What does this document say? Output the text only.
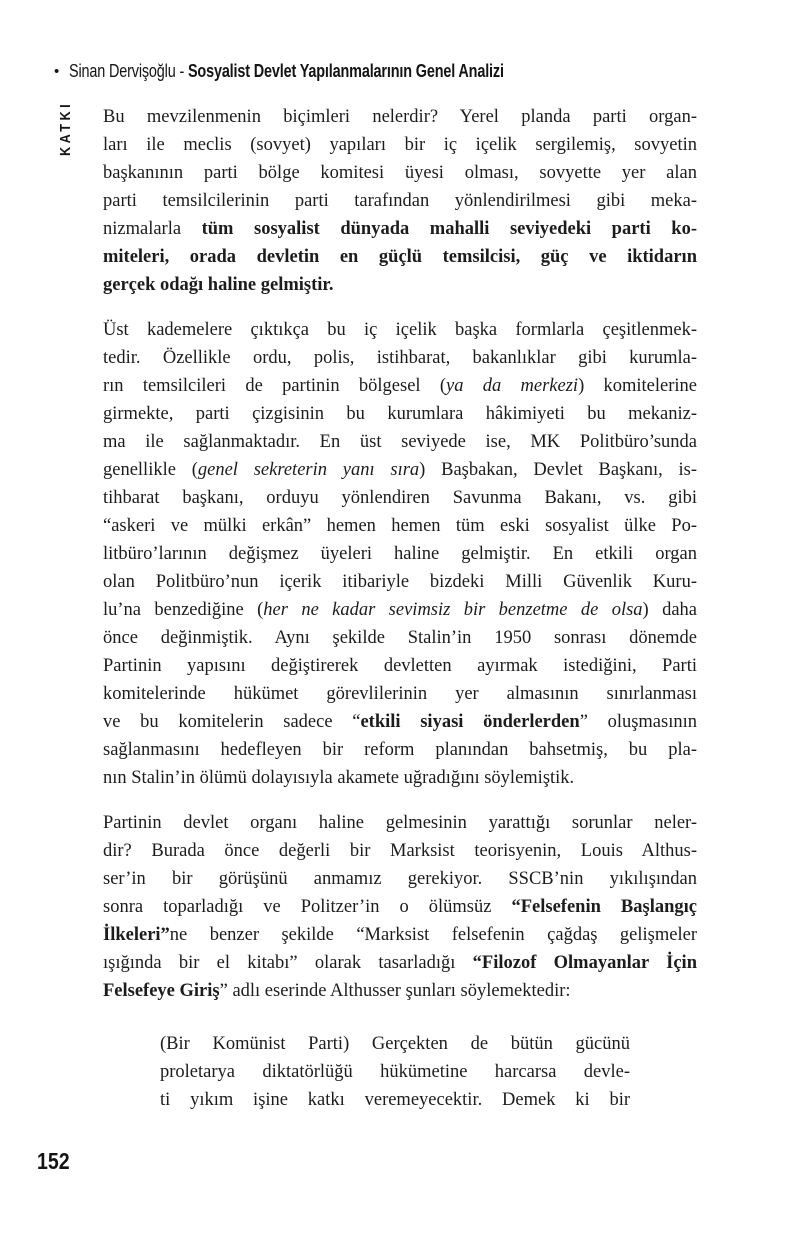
• Sinan Dervişoğlu - Sosyalist Devlet Yapılanmalarının Genel Analizi
KATKI Bu mevzilenmenin biçimleri nelerdir? Yerel planda parti organ-
ları ile meclis (sovyet) yapıları bir iç içelik sergilemiş, sovyetin
başkanının parti bölge komitesi üyesi olması, sovyette yer alan
parti temsilcilerinin parti tarafından yönlendirilmesi gibi meka-
nizmalarla tüm sosyalist dünyada mahalli seviyedeki parti ko-
miteleri, orada devletin en güçlü temsilcisi, güç ve iktidarın
gerçek odağı haline gelmiştir.
Üst kademelere çıktıkça bu iç içelik başka formlarla çeşitlenmek-
tedir. Özellikle ordu, polis, istihbarat, bakanlıklar gibi kurumla-
rın temsilcileri de partinin bölgesel (ya da merkezi) komitelerine
girmekte, parti çizgisinin bu kurumlara hâkimiyeti bu mekaniz-
ma ile sağlanmaktadır. En üst seviyede ise, MK Politbüro’sunda
genellikle (genel sekreterin yanı sıra) Başbakan, Devlet Başkanı, is-
tihbarat başkanı, orduyu yönlendiren Savunma Bakanı, vs. gibi
“askeri ve mülki erkân” hemen hemen tüm eski sosyalist ülke Po-
litbüro’larının değişmez üyeleri haline gelmiştir. En etkili organ
olan Politbüro’nun içerik itibariyle bizdeki Milli Güvenlik Kuru-
lu’na benzediğine (her ne kadar sevimsiz bir benzetme de olsa) daha
önce değinmiştik. Aynı şekilde Stalin’in 1950 sonrası dönemde
Partinin yapısını değiştirerek devletten ayırmak istediğini, Parti
komitelerinde hükümet görevlilerinin yer almasının sınırlanması
ve bu komitelerin sadece “etkili siyasi önderlerden” oluşmasının
sağlanmasını hedefleyen bir reform planından bahsetmiş, bu pla-
nın Stalin’in ölümü dolayısıyla akamete uğradığını söylemiştik.
Partinin devlet organı haline gelmesinin yarattığı sorunlar neler-
dir? Burada önce değerli bir Marksist teorisyenin, Louis Althus-
ser’in bir görüşünü anmamız gerekiyor. SSCB’nin yıkılışından
sonra toparladığı ve Politzer’in o ölümsüz “Felsefenin Başlangıç
İlkeleri”ne benzer şekilde “Marksist felsefenin çağdaş gelişmeler
ışığında bir el kitabı” olarak tasarladığı “Filozof Olmayanlar İçin
Felsefeye Giriş” adlı eserinde Althusser şunları söylemektedir:
(Bir Komünist Parti) Gerçekten de bütün gücünü
proletarya diktatörlüğü hükümetine harcarsa devle-
ti yıkım işine katkı veremeyecektir. Demek ki bir
152
